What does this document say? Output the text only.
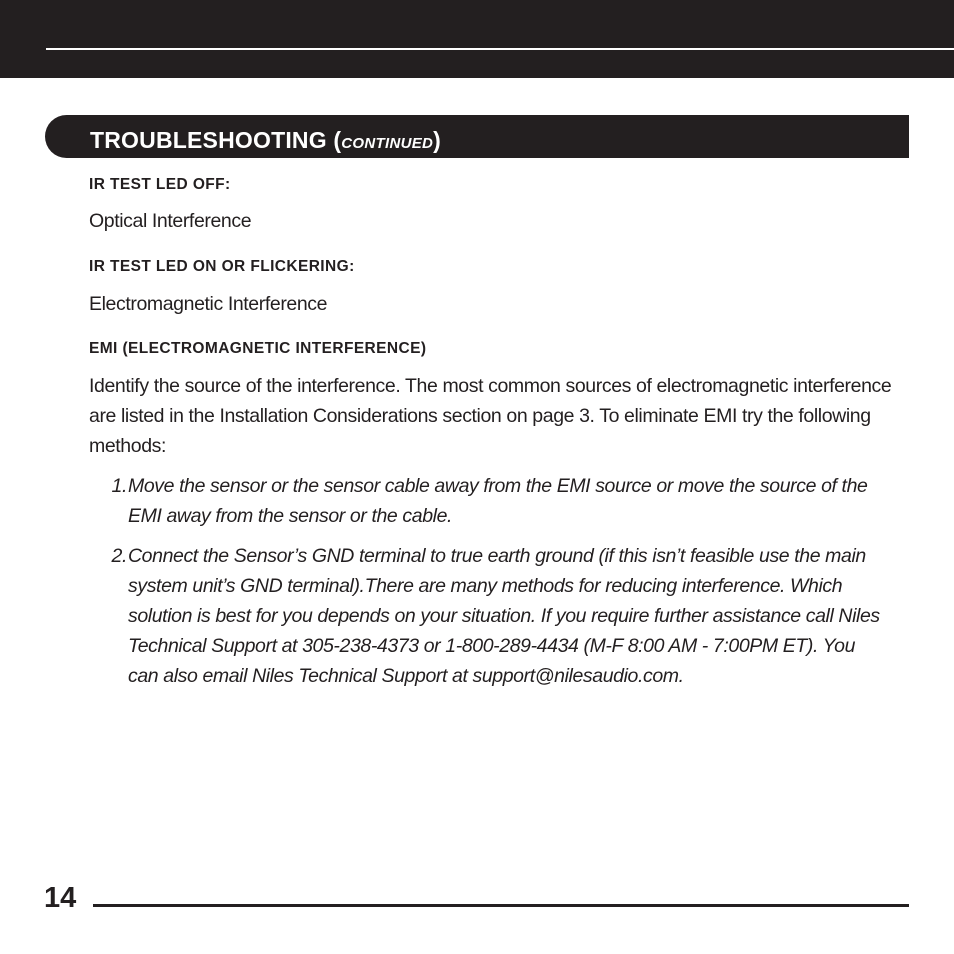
TROUBLESHOOTING (CONTINUED)
IR TEST LED OFF:
Optical Interference
IR TEST LED ON OR FLICKERING:
Electromagnetic Interference
EMI (ELECTROMAGNETIC INTERFERENCE)
Identify the source of the interference. The most common sources of electromagnetic interference
are listed in the Installation Considerations section on page 3. To eliminate EMI try the following
methods:
1. Move the sensor or the sensor cable away from the EMI source or move the source of the
EMI away from the sensor or the cable.
2. Connect the Sensor’s GND terminal to true earth ground (if this isn’t feasible use the main
system unit’s GND terminal).There are many methods for reducing interference. Which
solution is best for you depends on your situation. If you require further assistance call Niles
Technical Support at 305-238-4373 or 1-800-289-4434 (M-F 8:00 AM - 7:00PM ET). You
can also email Niles Technical Support at support@nilesaudio.com.
14
